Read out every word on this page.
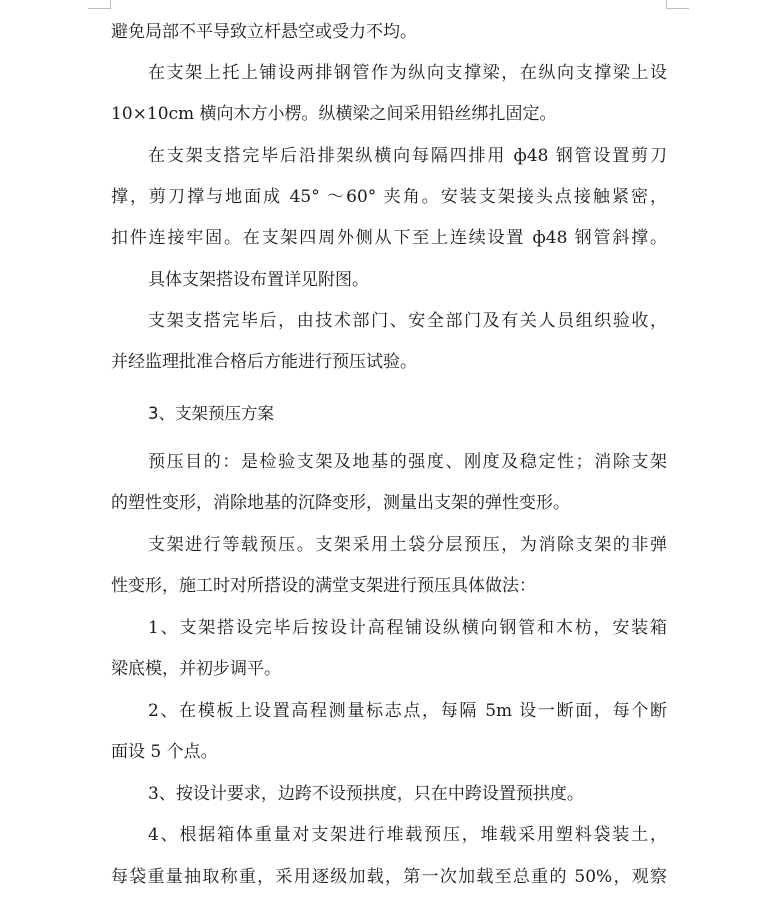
避免局部不平导致立杆悬空或受力不均。
在支架上托上铺设两排钢管作为纵向支撑梁，在纵向支撑梁上设
10×10cm 横向木方小楞。纵横梁之间采用铅丝绑扎固定。
在支架支搭完毕后沿排架纵横向每隔四排用 ф48 钢管设置剪刀
撑，剪刀撑与地面成 45° ～60° 夹角。安装支架接头点接触紧密，
扣件连接牢固。在支架四周外侧从下至上连续设置 ф48 钢管斜撑。
具体支架搭设布置详见附图。
支架支搭完毕后，由技术部门、安全部门及有关人员组织验收，
并经监理批准合格后方能进行预压试验。
3、支架预压方案
预压目的：是检验支架及地基的强度、刚度及稳定性；消除支架
的塑性变形，消除地基的沉降变形，测量出支架的弹性变形。
支架进行等载预压。支架采用土袋分层预压，为消除支架的非弹
性变形，施工时对所搭设的满堂支架进行预压具体做法：
1、支架搭设完毕后按设计高程铺设纵横向钢管和木枋，安装箱
梁底模，并初步调平。
2、在模板上设置高程测量标志点，每隔 5m 设一断面，每个断
面设 5 个点。
3、按设计要求，边跨不设预拱度，只在中跨设置预拱度。
4、根据箱体重量对支架进行堆载预压，堆载采用塑料袋装土，
每袋重量抽取称重，采用逐级加载，第一次加载至总重的 50%，观察
